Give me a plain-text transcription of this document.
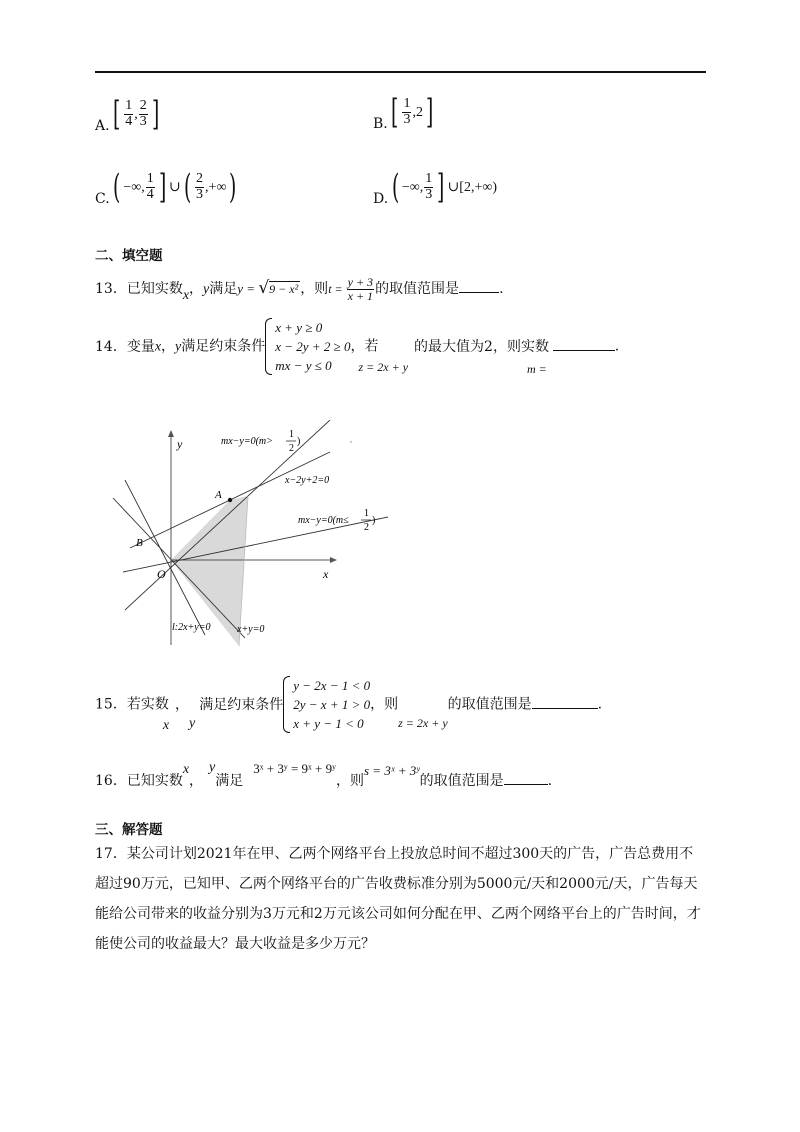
A. [ $\frac{1}{4}$ , $\frac{2}{3}$ ]	B. [ $\frac{1}{3} ,2$]
C. ( −∞, $\frac{1}{4}$ ] ∪( $\frac{2}{3}$ ,+∞)	D. ( −∞, $\frac{1}{3}$ ] ∪[2,+∞)
二、填空题
13．已知实数x，y满足y = √9 − x² ，则$t = \frac{y + 3}{x + 1}$ 的取值范围是	.
14．变量x，y满足约束条件
x + y ≥ 0
x − 2y + 2 ≥ 0
mx − y ≤ 0
，若z = 2x + y的最大值为2，则实数m =.
y
x
O
A
B
mx−y=0(m>
1
2
)
x−2y+2=0
mx−y=0(m≤
1
2
)
l:2x+y=0	x+y=0
,
15．若实数x，y满足约束条件
y − 2x − 1 < 0
2y − x + 1 > 0
x + y − 1 < 0
，则z = 2x + y的取值范围是	.
16．已知实数x，y满足3ˣ + 3ʸ = 9ˣ + 9ʸ，则s = 3ˣ + 3ʸ的取值范围是	.
三、解答题
17．某公司计划2021年在甲、乙两个网络平台上投放总时间不超过300天的广告，广告总费用不超过90万元，已知甲、乙两个网络平台的广告收费标准分别为5000元/天和2000元/天，广告每天能给公司带来的收益分别为3万元和2万元该公司如何分配在甲、乙两个网络平台上的广告时间，才能使公司的收益最大？最大收益是多少万元？
